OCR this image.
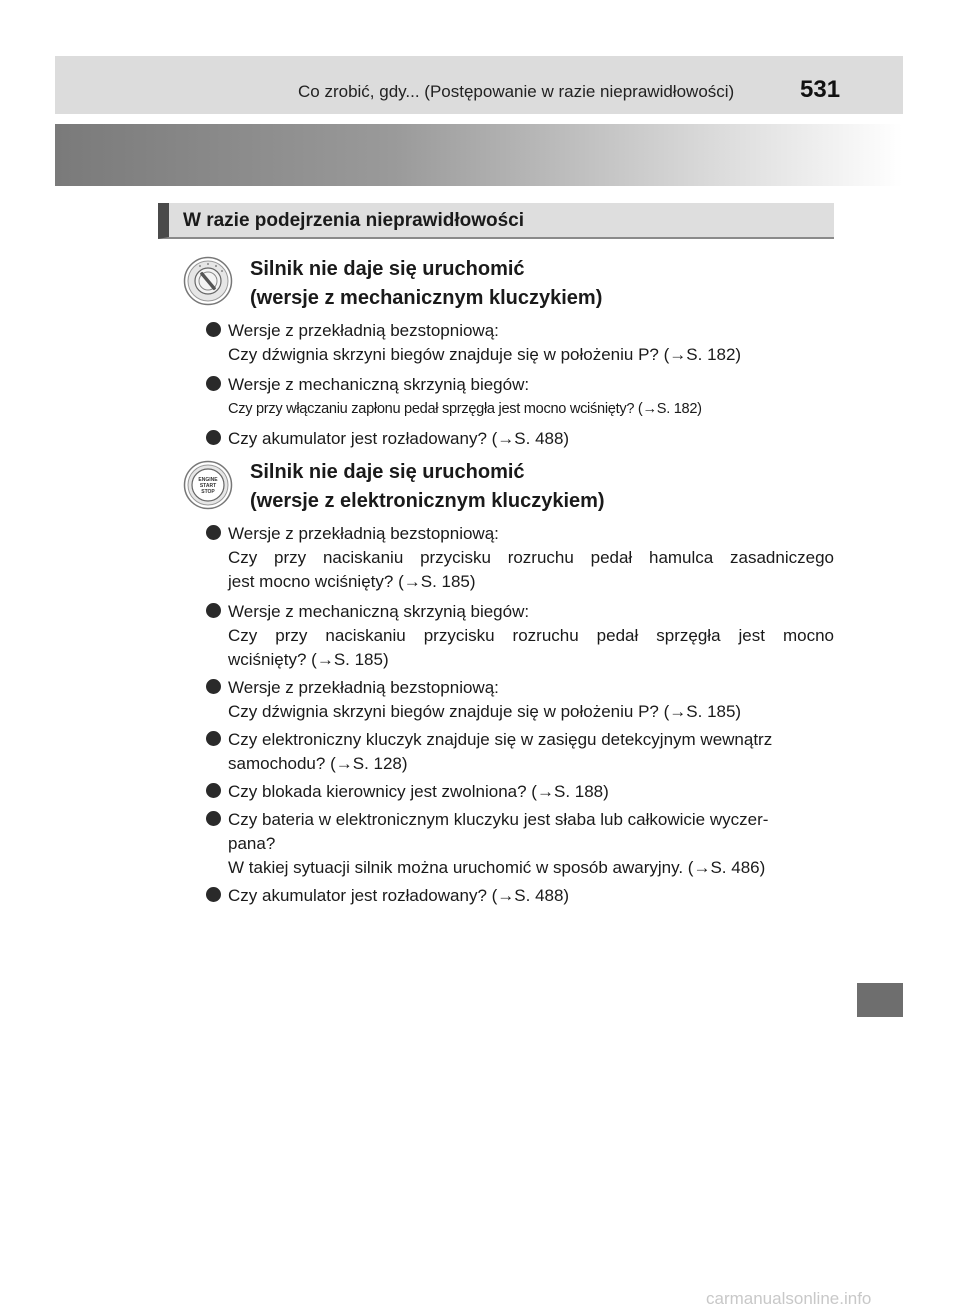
Co zrobić, gdy... (Postępowanie w razie nieprawidłowości)	531
W razie podejrzenia nieprawidłowości
Silnik nie daje się uruchomić
(wersje z mechanicznym kluczykiem)
Wersje z przekładnią bezstopniową:
Czy dźwignia skrzyni biegów znajduje się w położeniu P? (→S. 182)
Wersje z mechaniczną skrzynią biegów:
Czy przy włączaniu zapłonu pedał sprzęgła jest mocno wciśnięty? (→S. 182)
Czy akumulator jest rozładowany? (→S. 488)
ENGINE
START
STOP
Silnik nie daje się uruchomić
(wersje z elektronicznym kluczykiem)
Wersje z przekładnią bezstopniową:
Czy przy naciskaniu przycisku rozruchu pedał hamulca zasadniczego
jest mocno wciśnięty? (→S. 185)
Wersje z mechaniczną skrzynią biegów:
Czy przy naciskaniu przycisku rozruchu pedał sprzęgła jest mocno
wciśnięty? (→S. 185)
Wersje z przekładnią bezstopniową:
Czy dźwignia skrzyni biegów znajduje się w położeniu P? (→S. 185)
Czy elektroniczny kluczyk znajduje się w zasięgu detekcyjnym wewnątrz
samochodu? (→S. 128)
Czy blokada kierownicy jest zwolniona? (→S. 188)
Czy bateria w elektronicznym kluczyku jest słaba lub całkowicie wyczer-
pana?
W takiej sytuacji silnik można uruchomić w sposób awaryjny. (→S. 486)
Czy akumulator jest rozładowany? (→S. 488)
carmanualsonline.info
